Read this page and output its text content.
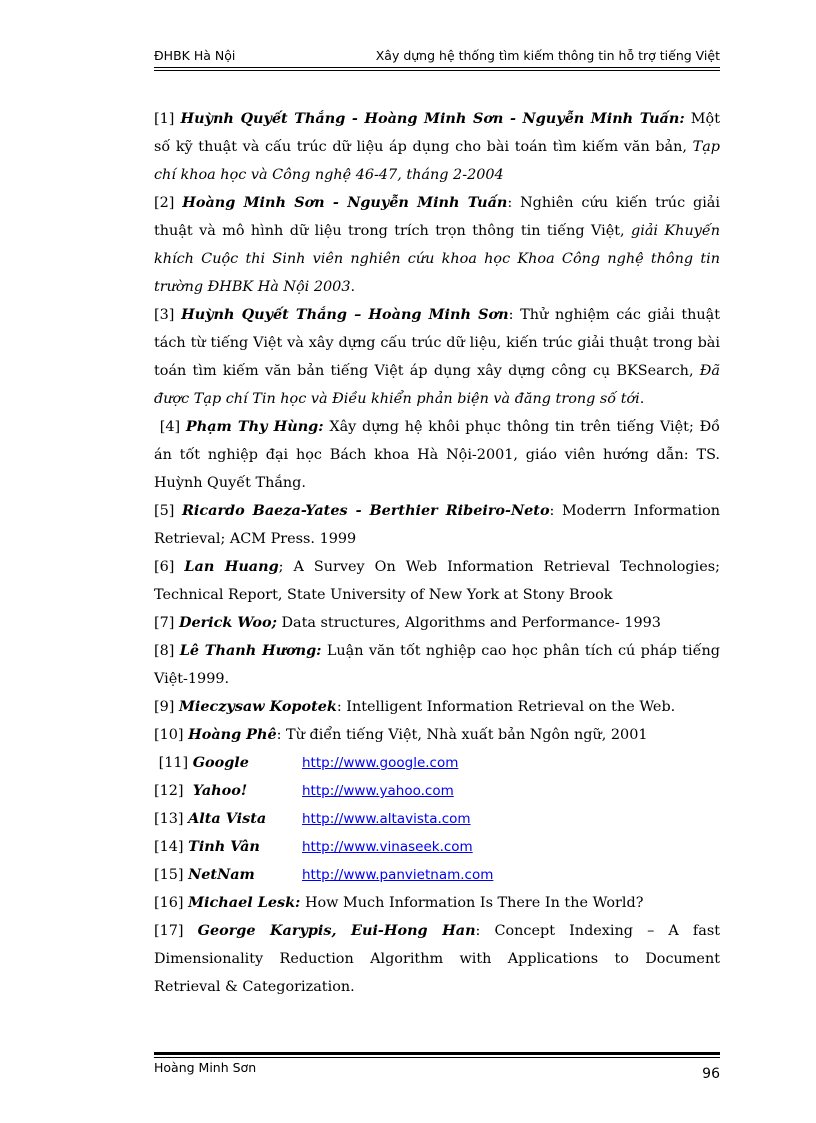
ĐHBK Hà Nội	Xây dựng hệ thống tìm kiếm thông tin hỗ trợ tiếng Việt

[1] Huỳnh Quyết Thắng - Hoàng Minh Sơn - Nguyễn Minh Tuấn: Một số kỹ thuật và cấu trúc dữ liệu áp dụng cho bài toán tìm kiếm văn bản, Tạp chí khoa học và Công nghệ 46-47, tháng 2-2004

[2] Hoàng Minh Sơn - Nguyễn Minh Tuấn: Nghiên cứu kiến trúc giải thuật và mô hình dữ liệu trong trích trọn thông tin tiếng Việt, giải Khuyến khích Cuộc thi Sinh viên nghiên cứu khoa học Khoa Công nghệ thông tin trường ĐHBK Hà Nội 2003.

[3] Huỳnh Quyết Thắng – Hoàng Minh Sơn: Thử nghiệm các giải thuật tách từ tiếng Việt và xây dựng cấu trúc dữ liệu, kiến trúc giải thuật trong bài toán tìm kiếm văn bản tiếng Việt áp dụng xây dựng công cụ BKSearch, Đã được Tạp chí Tin học và Điều khiển phản biện và đăng trong số tới.

[4] Phạm Thy Hùng: Xây dựng hệ khôi phục thông tin trên tiếng Việt; Đồ án tốt nghiệp đại học Bách khoa Hà Nội-2001, giáo viên hướng dẫn: TS. Huỳnh Quyết Thắng.

[5] Ricardo Baeza-Yates - Berthier Ribeiro-Neto: Moderrn Information Retrieval; ACM Press. 1999

[6] Lan Huang; A Survey On Web Information Retrieval Technologies; Technical Report, State University of New York at Stony Brook

[7] Derick Woo; Data structures, Algorithms and Performance- 1993

[8] Lê Thanh Hương: Luận văn tốt nghiệp cao học phân tích cú pháp tiếng Việt-1999.

[9] Mieczysaw Kopotek: Intelligent Information Retrieval on the Web.

[10] Hoàng Phê: Từ điển tiếng Việt, Nhà xuất bản Ngôn ngữ, 2001

[11] Google	http://www.google.com
[12]  Yahoo!	http://www.yahoo.com
[13] Alta Vista	http://www.altavista.com
[14] Tinh Vân	http://www.vinaseek.com
[15] NetNam	http://www.panvietnam.com

[16] Michael Lesk: How Much Information Is There In the World?

[17] George Karypis, Eui-Hong Han: Concept Indexing – A fast Dimensionality Reduction Algorithm with Applications to Document Retrieval & Categorization.

Hoàng Minh Sơn	96
